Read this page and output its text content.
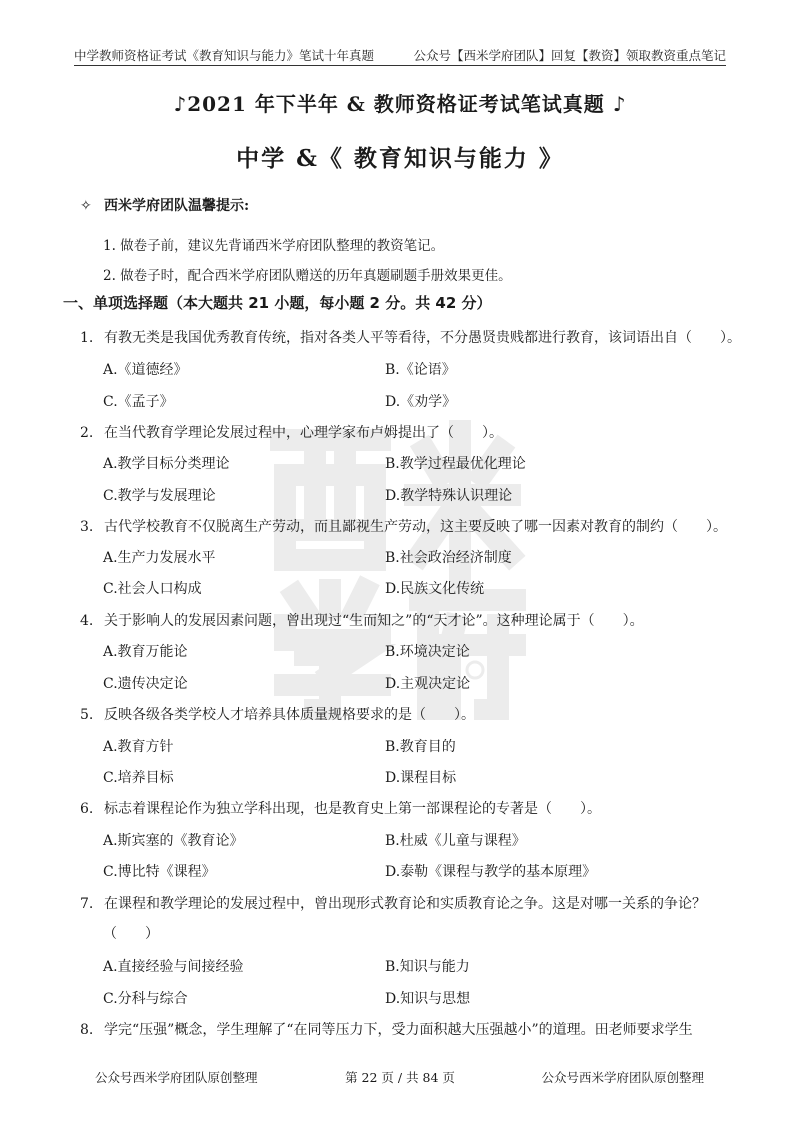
中学教师资格证考试《教育知识与能力》笔试十年真题	公众号【西米学府团队】回复【教资】领取教资重点笔记
♪2021 年下半年 & 教师资格证考试笔试真题 ♪
中学 &《 教育知识与能力 》
✧ 西米学府团队温馨提示:
1. 做卷子前，建议先背诵西米学府团队整理的教资笔记。
2. 做卷子时，配合西米学府团队赠送的历年真题刷题手册效果更佳。
一、单项选择题（本大题共 21 小题，每小题 2 分。共 42 分）
1. 有教无类是我国优秀教育传统，指对各类人平等看待，不分愚贤贵贱都进行教育，该词语出自（　　）。
A.《道德经》	B.《论语》
C.《孟子》	D.《劝学》
2. 在当代教育学理论发展过程中，心理学家布卢姆提出了（　　）。
A.教学目标分类理论	B.教学过程最优化理论
C.教学与发展理论	D.教学特殊认识理论
3. 古代学校教育不仅脱离生产劳动，而且鄙视生产劳动，这主要反映了哪一因素对教育的制约（　　）。
A.生产力发展水平	B.社会政治经济制度
C.社会人口构成	D.民族文化传统
4. 关于影响人的发展因素问题，曾出现过“生而知之”的“天才论”。这种理论属于（　　）。
A.教育万能论	B.环境决定论
C.遗传决定论	D.主观决定论
5. 反映各级各类学校人才培养具体质量规格要求的是（　　）。
A.教育方针	B.教育目的
C.培养目标	D.课程目标
6. 标志着课程论作为独立学科出现，也是教育史上第一部课程论的专著是（　　）。
A.斯宾塞的《教育论》	B.杜威《儿童与课程》
C.博比特《课程》	D.泰勒《课程与教学的基本原理》
7. 在课程和教学理论的发展过程中，曾出现形式教育论和实质教育论之争。这是对哪一关系的争论？
（　　）
A.直接经验与间接经验	B.知识与能力
C.分科与综合	D.知识与思想
8. 学完“压强”概念，学生理解了“在同等压力下，受力面积越大压强越小”的道理。田老师要求学生
公众号西米学府团队原创整理	第 22 页 / 共 84 页	公众号西米学府团队原创整理
